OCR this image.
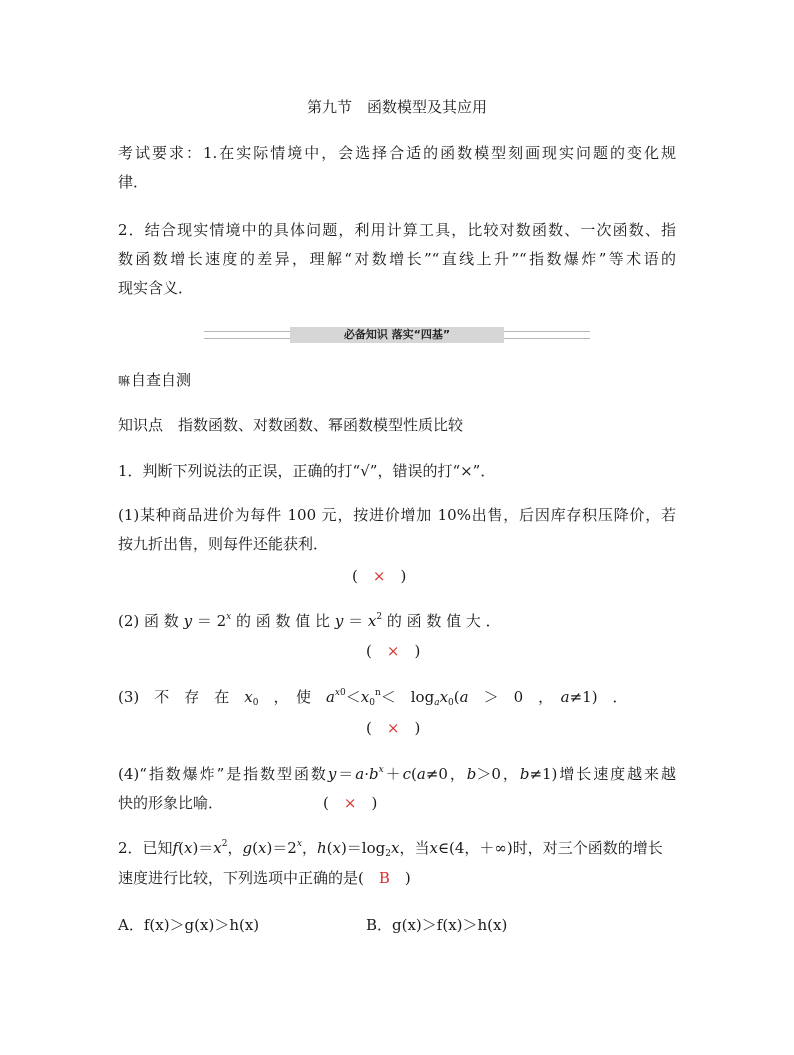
第九节　函数模型及其应用
考试要求：1.在实际情境中，会选择合适的函数模型刻画现实问题的变化规
律．
2．结合现实情境中的具体问题，利用计算工具，比较对数函数、一次函数、指
数函数增长速度的差异，理解“对数增长”“直线上升”“指数爆炸”等术语的
现实含义．
必备知识 落实“四基”
嘛自查自测
知识点　指数函数、对数函数、幂函数模型性质比较
1．判断下列说法的正误，正确的打“√”，错误的打“×”．
(1)某种商品进价为每件 100 元，按进价增加 10%出售，后因库存积压降价，若
按九折出售，则每件还能获利．
(　×　)
(2) 函 数 $y = 2^x$ 的 函 数 值 比 $y = x^2$ 的 函 数 值 大 ．
(　×　)
(3)　不　存　在　$x_0$　，　使　$a^{x0}<x_0^n<$　$\log_ax_0(a$　＞　0　，　a≠1)　．
(　×　)
(4)“指数爆炸”是指数型函数$y=a\cdot b^x+c(a\ne 0$，b＞0，b≠1)增长速度越来越
快的形象比喻．	(　×　)
2．已知$f(x)=x^2$，$g(x)=2^x$，$h(x)=\log_2x$，当x∈(4，＋∞)时，对三个函数的增长
速度进行比较，下列选项中正确的是(　 B　 )
A．f(x)＞g(x)＞h(x)	B．g(x)＞f(x)＞h(x)
